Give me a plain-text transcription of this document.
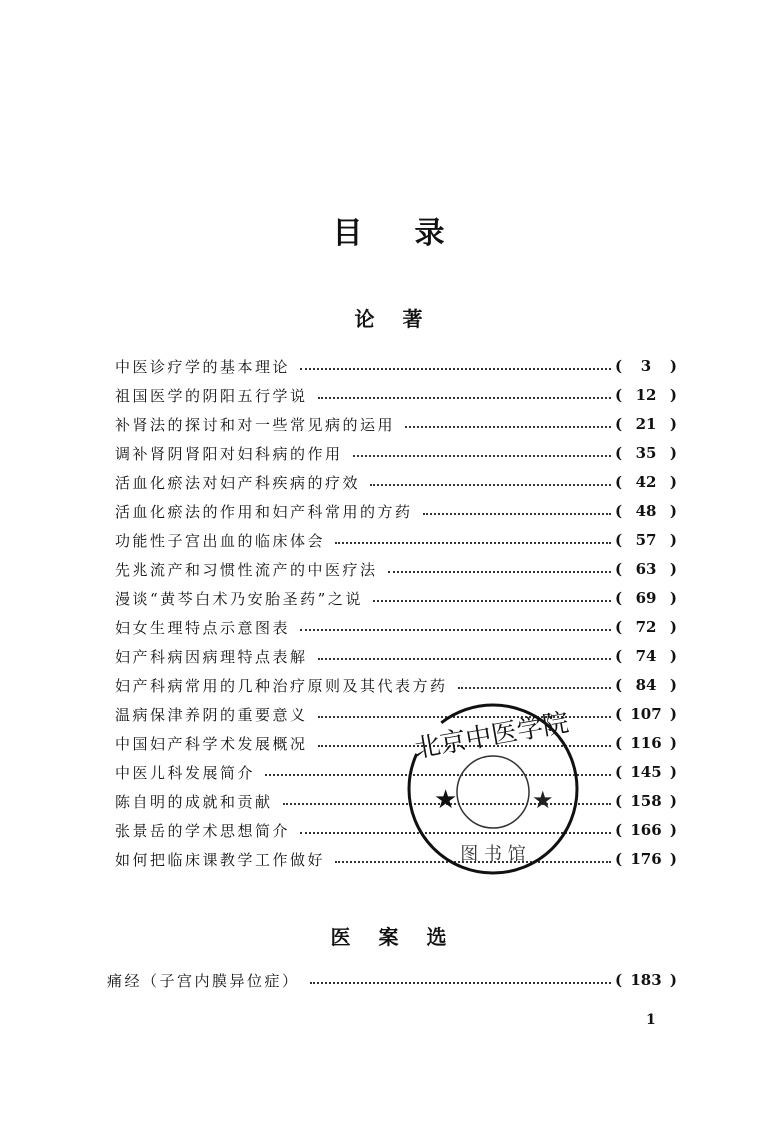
目录
论著
中医诊疗学的基本理论	( 3 )
祖国医学的阴阳五行学说	( 12 )
补肾法的探讨和对一些常见病的运用	( 21 )
调补肾阴肾阳对妇科病的作用	( 35 )
活血化瘀法对妇产科疾病的疗效	( 42 )
活血化瘀法的作用和妇产科常用的方药	( 48 )
功能性子宫出血的临床体会	( 57 )
先兆流产和习惯性流产的中医疗法	( 63 )
漫谈“黄芩白术乃安胎圣药”之说	( 69 )
妇女生理特点示意图表	( 72 )
妇产科病因病理特点表解	( 74 )
妇产科病常用的几种治疗原则及其代表方药	( 84 )
温病保津养阴的重要意义	( 107 )
中国妇产科学术发展概况	( 116 )
中医儿科发展简介	( 145 )
陈自明的成就和贡献	( 158 )
张景岳的学术思想简介	( 166 )
如何把临床课教学工作做好	( 176 )
医案选
痛经（子宫内膜异位症）	( 183 )
1
北京中医学院
★	★
图 书 馆
